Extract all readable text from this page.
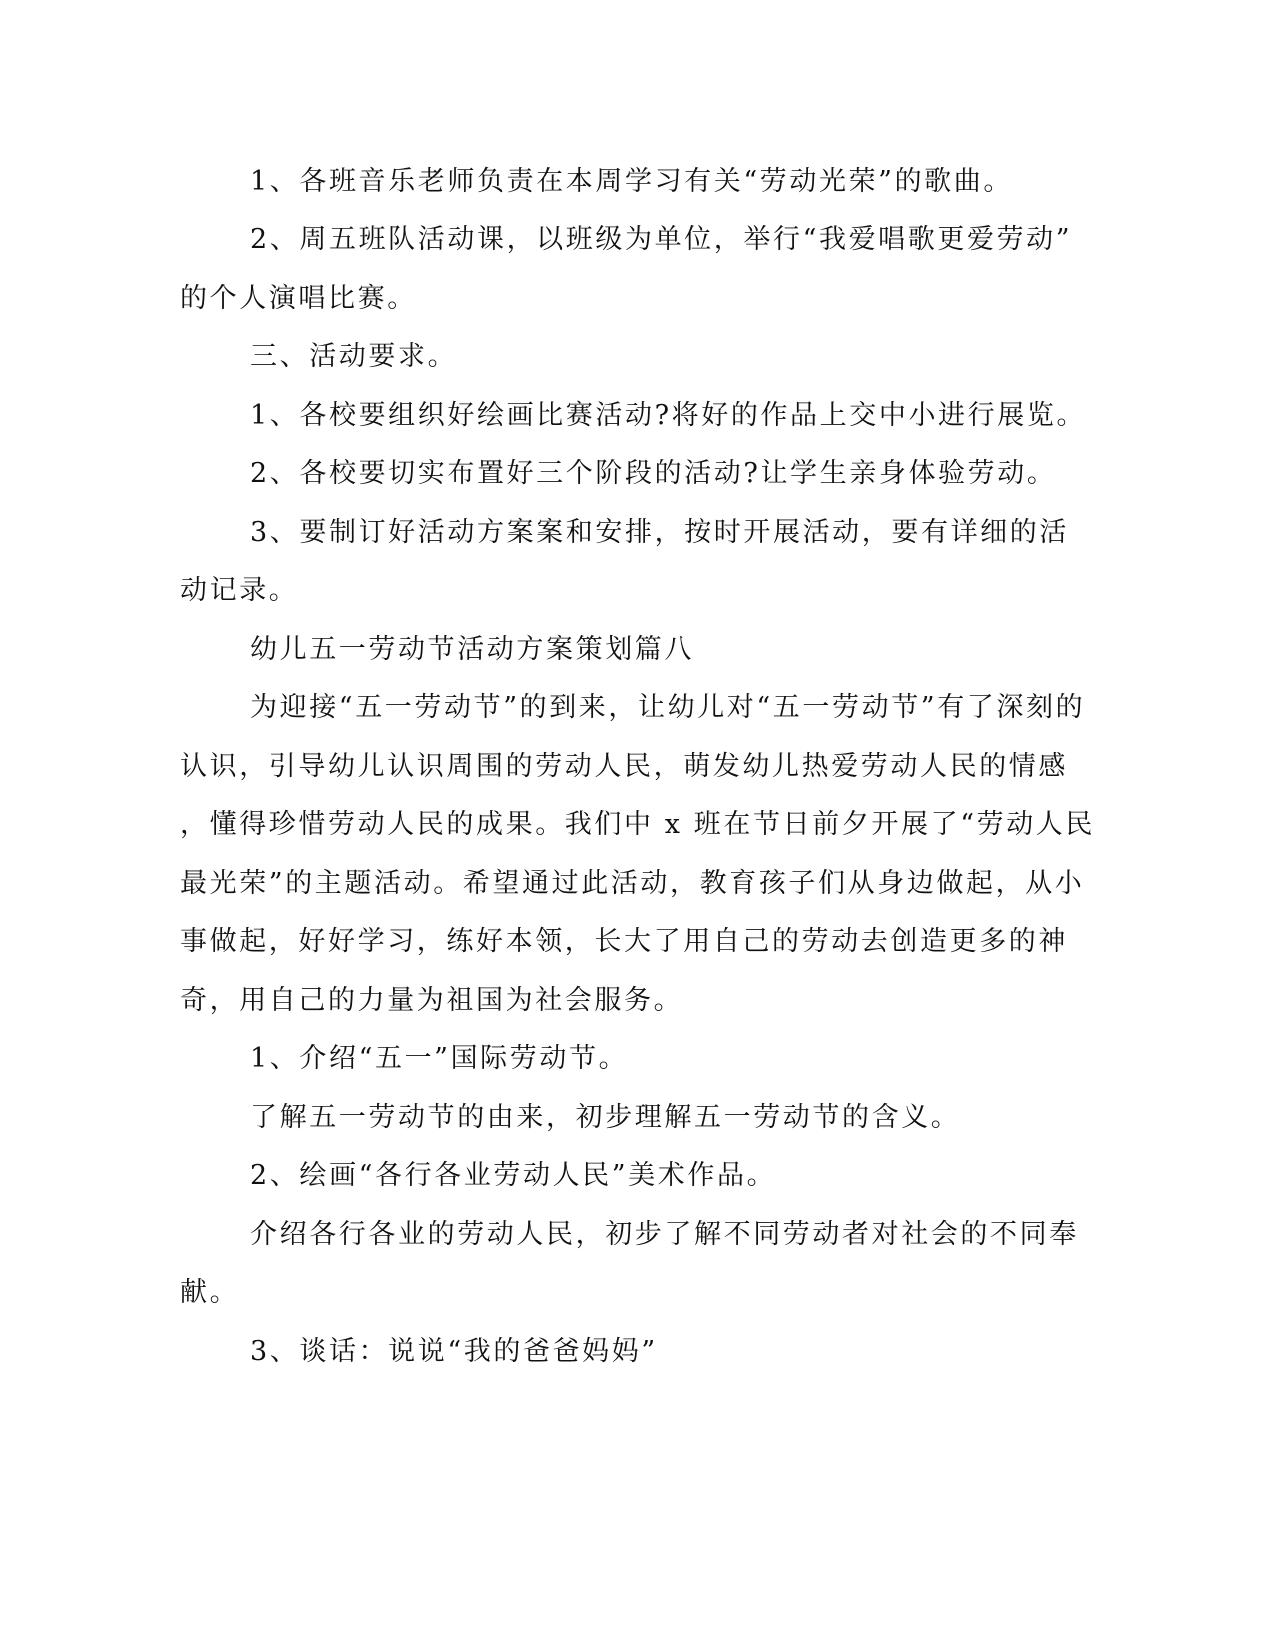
1、各班音乐老师负责在本周学习有关“劳动光荣”的歌曲。
2、周五班队活动课，以班级为单位，举行“我爱唱歌更爱劳动”
的个人演唱比赛。
三、活动要求。
1、各校要组织好绘画比赛活动?将好的作品上交中小进行展览。
2、各校要切实布置好三个阶段的活动?让学生亲身体验劳动。
3、要制订好活动方案案和安排，按时开展活动，要有详细的活
动记录。
幼儿五一劳动节活动方案策划篇八
为迎接“五一劳动节”的到来，让幼儿对“五一劳动节”有了深刻的
认识，引导幼儿认识周围的劳动人民，萌发幼儿热爱劳动人民的情感
，懂得珍惜劳动人民的成果。我们中 x 班在节日前夕开展了“劳动人民
最光荣”的主题活动。希望通过此活动，教育孩子们从身边做起，从小
事做起，好好学习，练好本领，长大了用自己的劳动去创造更多的神
奇，用自己的力量为祖国为社会服务。
1、介绍“五一”国际劳动节。
了解五一劳动节的由来，初步理解五一劳动节的含义。
2、绘画“各行各业劳动人民”美术作品。
介绍各行各业的劳动人民，初步了解不同劳动者对社会的不同奉
献。
3、谈话：说说“我的爸爸妈妈”
